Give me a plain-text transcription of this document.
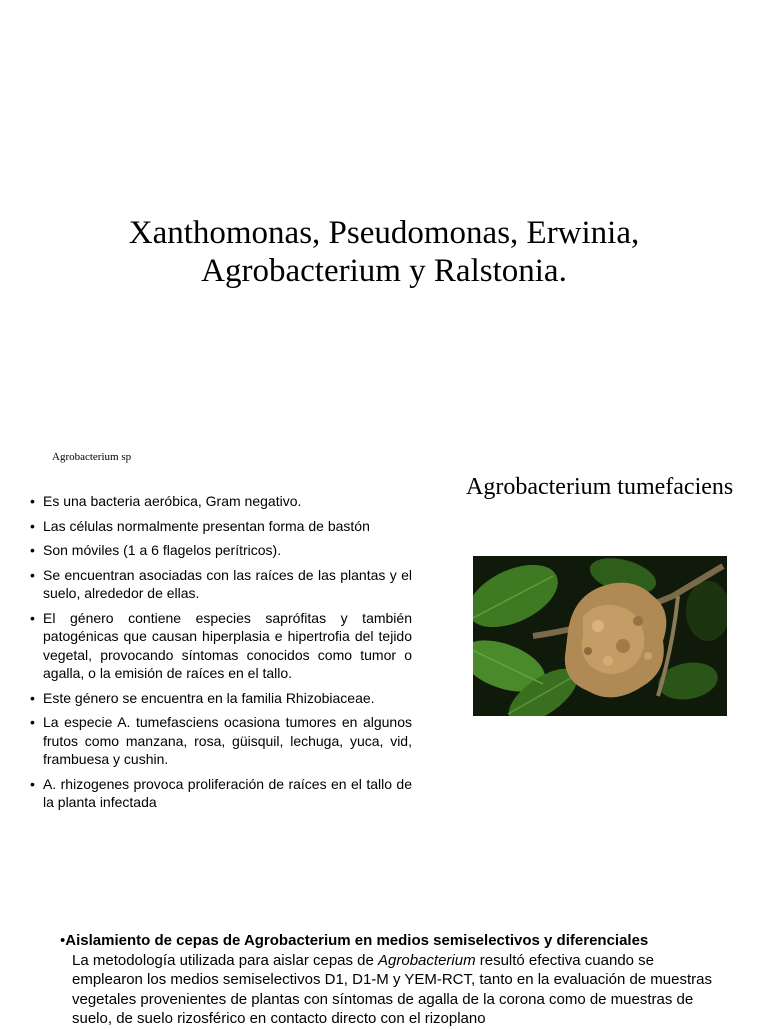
Xanthomonas, Pseudomonas, Erwinia, Agrobacterium y Ralstonia.
Agrobacterium sp
• Es una bacteria aeróbica, Gram negativo.
• Las células normalmente presentan forma de bastón
• Son móviles (1 a 6 flagelos perítricos).
• Se encuentran asociadas con las raíces de las plantas y el suelo, alrededor de ellas.
• El género contiene especies saprófitas y también patogénicas que causan hiperplasia e hipertrofia del tejido vegetal, provocando síntomas conocidos como tumor o agalla, o la emisión de raíces en el tallo.
• Este género se encuentra en la familia Rhizobiaceae.
• La especie A. tumefasciens ocasiona tumores en algunos frutos como manzana, rosa, güisquil, lechuga, yuca, vid, frambuesa y cushin.
• A. rhizogenes provoca proliferación de raíces en el tallo de la planta infectada
Agrobacterium tumefaciens
• Aislamiento de cepas de Agrobacterium en medios semiselectivos y diferenciales
La metodología utilizada para aislar cepas de Agrobacterium resultó efectiva cuando se emplearon los medios semiselectivos D1, D1-M y YEM-RCT, tanto en la evaluación de muestras vegetales provenientes de plantas con síntomas de agalla de la corona como de muestras de suelo, de suelo rizosférico en contacto directo con el rizoplano
